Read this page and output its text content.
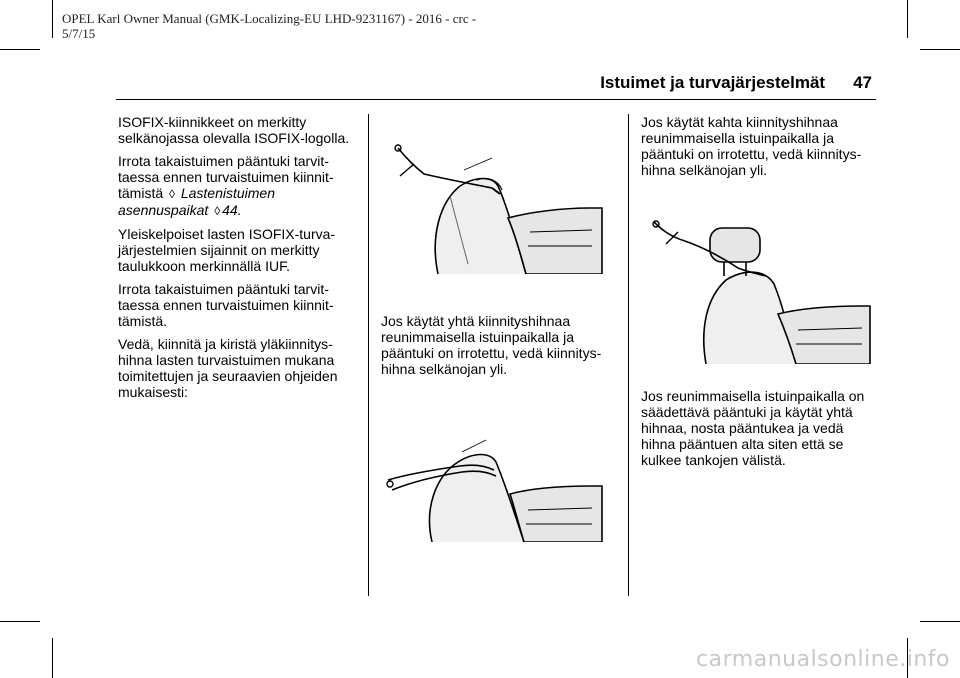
OPEL Karl Owner Manual (GMK-Localizing-EU LHD-9231167) - 2016 - crc -
5/7/15
Istuimet ja turvajärjestelmät 47

ISOFIX-kiinnikkeet on merkitty selkänojassa olevalla ISOFIX-logolla.

Irrota takaistuimen pääntuki tarvittaessa ennen turvaistuimen kiinnittämistä ◊ Lastenistuimen asennuspaikat ◊ 44.

Yleiskelpoiset lasten ISOFIX-turvajärjestelmien sijainnit on merkitty taulukkoon merkinnällä IUF.

Irrota takaistuimen pääntuki tarvittaessa ennen turvaistuimen kiinnittämistä.

Vedä, kiinnitä ja kiristä yläkiinnityshihna lasten turvaistuimen mukana toimitettujen ja seuraavien ohjeiden mukaisesti:

Jos käytät yhtä kiinnityshihnaa reunimmaisella istuinpaikalla ja pääntuki on irrotettu, vedä kiinnityshihna selkänojan yli.

Jos käytät kahta kiinnityshihnaa reunimmaisella istuinpaikalla ja pääntuki on irrotettu, vedä kiinnityshihna selkänojan yli.

Jos reunimmaisella istuinpaikalla on säädettävä pääntuki ja käytät yhtä hihnaa, nosta pääntukea ja vedä hihna pääntuen alta siten että se kulkee tankojen välistä.

carmanualsonline.info
